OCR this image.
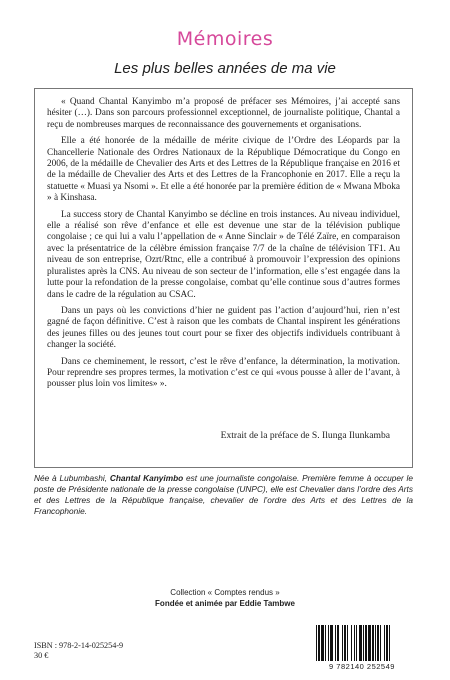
Mémoires
Les plus belles années de ma vie

« Quand Chantal Kanyimbo m’a proposé de préfacer ses Mémoires, j’ai accepté sans hésiter (…). Dans son parcours professionnel exceptionnel, de journaliste politique, Chantal a reçu de nombreuses marques de reconnaissance des gouvernements et organisations.

Elle a été honorée de la médaille de mérite civique de l’Ordre des Léopards par la Chancellerie Nationale des Ordres Nationaux de la République Démocratique du Congo en 2006, de la médaille de Chevalier des Arts et des Lettres de la République française en 2016 et de la médaille de Chevalier des Arts et des Lettres de la Francophonie en 2017. Elle a reçu la statuette « Muasi ya Nsomi ». Et elle a été honorée par la première édition de « Mwana Mboka » à Kinshasa.

La success story de Chantal Kanyimbo se décline en trois instances. Au niveau individuel, elle a réalisé son rêve d’enfance et elle est devenue une star de la télévision publique congolaise ; ce qui lui a valu l’appellation de « Anne Sinclair » de Télé Zaïre, en comparaison avec la présentatrice de la célèbre émission française 7/7 de la chaîne de télévision TF1. Au niveau de son entreprise, Ozrt/Rtnc, elle a contribué à promouvoir l’expression des opinions pluralistes après la CNS. Au niveau de son secteur de l’information, elle s’est engagée dans la lutte pour la refondation de la presse congolaise, combat qu’elle continue sous d’autres formes dans le cadre de la régulation au CSAC.

Dans un pays où les convictions d’hier ne guident pas l’action d’aujourd’hui, rien n’est gagné de façon définitive. C’est à raison que les combats de Chantal inspirent les générations des jeunes filles ou des jeunes tout court pour se fixer des objectifs individuels contribuant à changer la société.

Dans ce cheminement, le ressort, c’est le rêve d’enfance, la détermination, la motivation. Pour reprendre ses propres termes, la motivation c’est ce qui «vous pousse à aller de l’avant, à pousser plus loin vos limites» ».

Extrait de la préface de S. Ilunga Ilunkamba
Née à Lubumbashi, Chantal Kanyimbo est une journaliste congolaise. Première femme à occuper le poste de Présidente nationale de la presse congolaise (UNPC), elle est Chevalier dans l’ordre des Arts et des Lettres de la République française, chevalier de l’ordre des Arts et des Lettres de la Francophonie.
Collection « Comptes rendus »
Fondée et animée par Eddie Tambwe
ISBN : 978-2-14-025254-9
30 €
9 782140 252549
